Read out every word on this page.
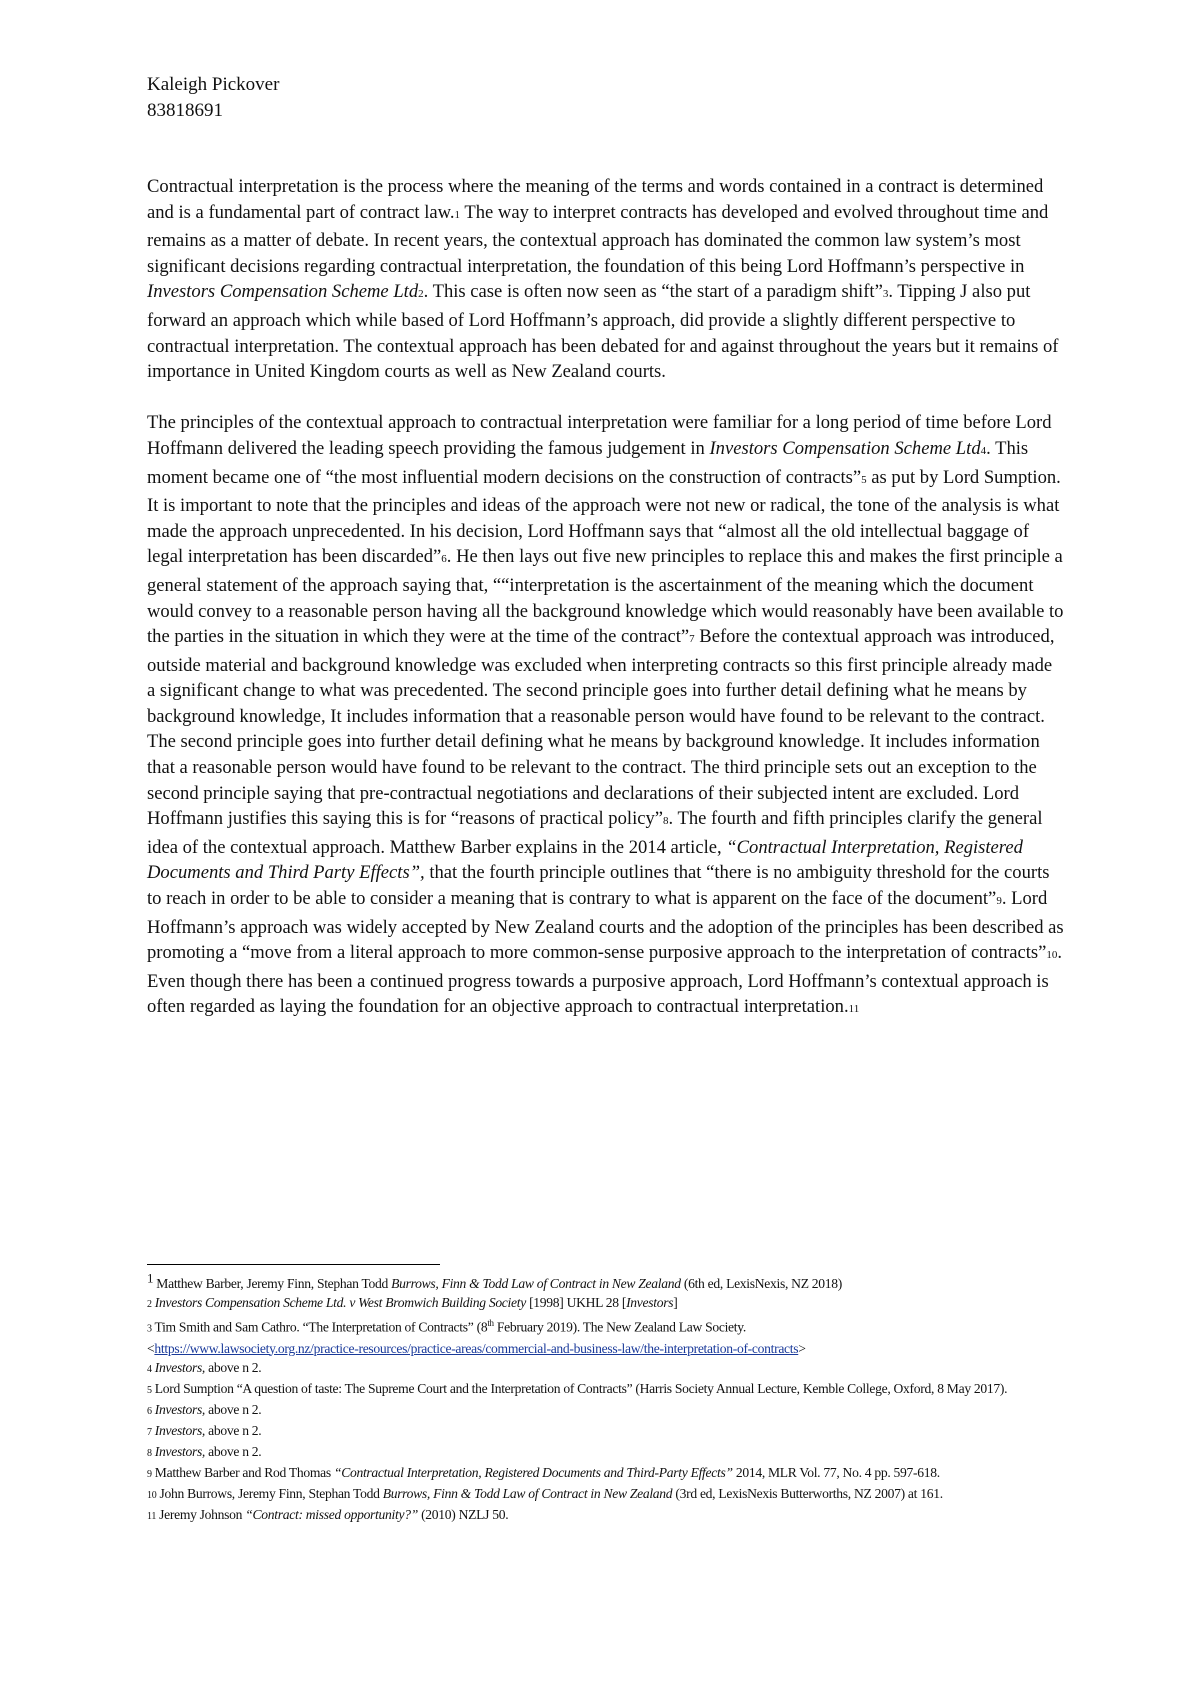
Kaleigh Pickover
83818691

Contractual interpretation is the process where the meaning of the terms and words contained in a contract is determined and is a fundamental part of contract law.1 The way to interpret contracts has developed and evolved throughout time and remains as a matter of debate. In recent years, the contextual approach has dominated the common law system’s most significant decisions regarding contractual interpretation, the foundation of this being Lord Hoffmann’s perspective in Investors Compensation Scheme Ltd2. This case is often now seen as “the start of a paradigm shift”3. Tipping J also put forward an approach which while based of Lord Hoffmann’s approach, did provide a slightly different perspective to contractual interpretation. The contextual approach has been debated for and against throughout the years but it remains of importance in United Kingdom courts as well as New Zealand courts.

The principles of the contextual approach to contractual interpretation were familiar for a long period of time before Lord Hoffmann delivered the leading speech providing the famous judgement in Investors Compensation Scheme Ltd4. This moment became one of “the most influential modern decisions on the construction of contracts”5 as put by Lord Sumption. It is important to note that the principles and ideas of the approach were not new or radical, the tone of the analysis is what made the approach unprecedented. In his decision, Lord Hoffmann says that “almost all the old intellectual baggage of legal interpretation has been discarded”6. He then lays out five new principles to replace this and makes the first principle a general statement of the approach saying that, ““interpretation is the ascertainment of the meaning which the document would convey to a reasonable person having all the background knowledge which would reasonably have been available to the parties in the situation in which they were at the time of the contract”7 Before the contextual approach was introduced, outside material and background knowledge was excluded when interpreting contracts so this first principle already made a significant change to what was precedented. The second principle goes into further detail defining what he means by background knowledge, It includes information that a reasonable person would have found to be relevant to the contract. The second principle goes into further detail defining what he means by background knowledge. It includes information that a reasonable person would have found to be relevant to the contract. The third principle sets out an exception to the second principle saying that pre-contractual negotiations and declarations of their subjected intent are excluded. Lord Hoffmann justifies this saying this is for “reasons of practical policy”8. The fourth and fifth principles clarify the general idea of the contextual approach. Matthew Barber explains in the 2014 article, “Contractual Interpretation, Registered Documents and Third Party Effects”, that the fourth principle outlines that “there is no ambiguity threshold for the courts to reach in order to be able to consider a meaning that is contrary to what is apparent on the face of the document”9. Lord Hoffmann’s approach was widely accepted by New Zealand courts and the adoption of the principles has been described as promoting a “move from a literal approach to more common-sense purposive approach to the interpretation of contracts”10. Even though there has been a continued progress towards a purposive approach, Lord Hoffmann’s contextual approach is often regarded as laying the foundation for an objective approach to contractual interpretation.11

1 Matthew Barber, Jeremy Finn, Stephan Todd Burrows, Finn & Todd Law of Contract in New Zealand (6th ed, LexisNexis, NZ 2018)

2 Investors Compensation Scheme Ltd. v West Bromwich Building Society [1998] UKHL 28 [Investors]

3 Tim Smith and Sam Cathro. “The Interpretation of Contracts” (8th February 2019). The New Zealand Law Society.
<https://www.lawsociety.org.nz/practice-resources/practice-areas/commercial-and-business-law/the-interpretation-of-contracts>

4 Investors, above n 2.

5 Lord Sumption “A question of taste: The Supreme Court and the Interpretation of Contracts” (Harris Society Annual Lecture, Kemble College, Oxford, 8 May 2017).

6 Investors, above n 2.

7 Investors, above n 2.

8 Investors, above n 2.

9 Matthew Barber and Rod Thomas “Contractual Interpretation, Registered Documents and Third-Party Effects” 2014, MLR Vol. 77, No. 4 pp. 597-618.

10 John Burrows, Jeremy Finn, Stephan Todd Burrows, Finn & Todd Law of Contract in New Zealand (3rd ed, LexisNexis Butterworths, NZ 2007) at 161.

11 Jeremy Johnson “Contract: missed opportunity?” (2010) NZLJ 50.
